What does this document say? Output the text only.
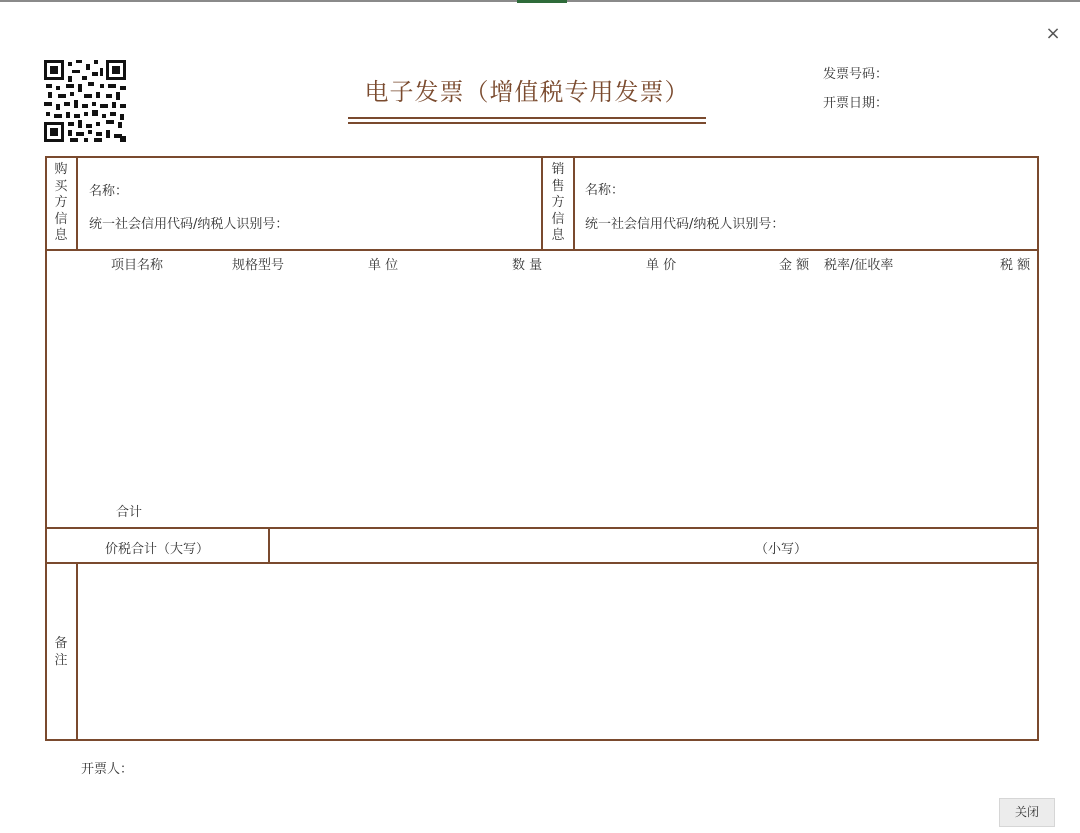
×
电子发票（增值税专用发票）
发票号码：
开票日期：
购
买
方
信
息
名称：
统一社会信用代码/纳税人识别号：
销
售
方
信
息
名称：
统一社会信用代码/纳税人识别号：
项目名称	规格型号	单 位	数 量	单 价	金 额 税率/征收率	税 额
合计
价税合计（大写）	（小写）
备
注
开票人：
关闭
